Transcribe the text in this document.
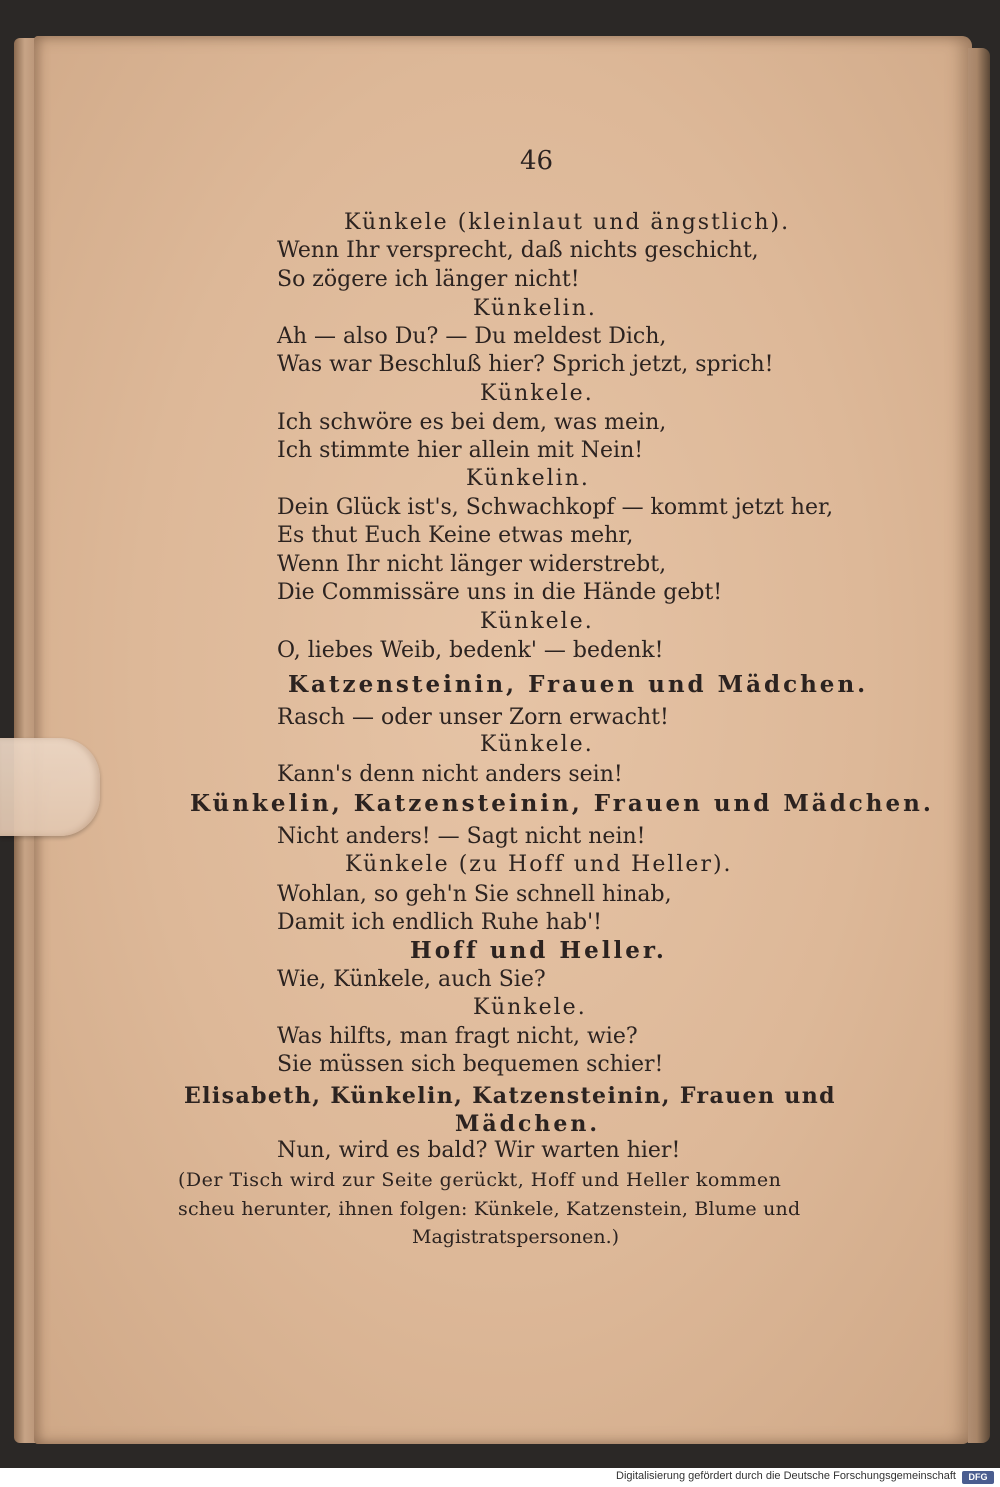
46
Künkele (kleinlaut und ängstlich).
Wenn Ihr versprecht, daß nichts geschicht,
So zögere ich länger nicht!
Künkelin.
Ah — also Du? — Du meldest Dich,
Was war Beschluß hier? Sprich jetzt, sprich!
Künkele.
Ich schwöre es bei dem, was mein,
Ich stimmte hier allein mit Nein!
Künkelin.
Dein Glück ist's, Schwachkopf — kommt jetzt her,
Es thut Euch Keine etwas mehr,
Wenn Ihr nicht länger widerstrebt,
Die Commissäre uns in die Hände gebt!
Künkele.
O, liebes Weib, bedenk' — bedenk!
Katzensteinin, Frauen und Mädchen.
Rasch — oder unser Zorn erwacht!
Künkele.
Kann's denn nicht anders sein!
Künkelin, Katzensteinin, Frauen und Mädchen.
Nicht anders! — Sagt nicht nein!
Künkele (zu Hoff und Heller).
Wohlan, so geh'n Sie schnell hinab,
Damit ich endlich Ruhe hab'!
Hoff und Heller.
Wie, Künkele, auch Sie?
Künkele.
Was hilfts, man fragt nicht, wie?
Sie müssen sich bequemen schier!
Elisabeth, Künkelin, Katzensteinin, Frauen und
Mädchen.
Nun, wird es bald? Wir warten hier!
(Der Tisch wird zur Seite gerückt, Hoff und Heller kommen
scheu herunter, ihnen folgen: Künkele, Katzenstein, Blume und
Magistratspersonen.)
Digitalisierung gefördert durch die Deutsche Forschungsgemeinschaft	DFG
